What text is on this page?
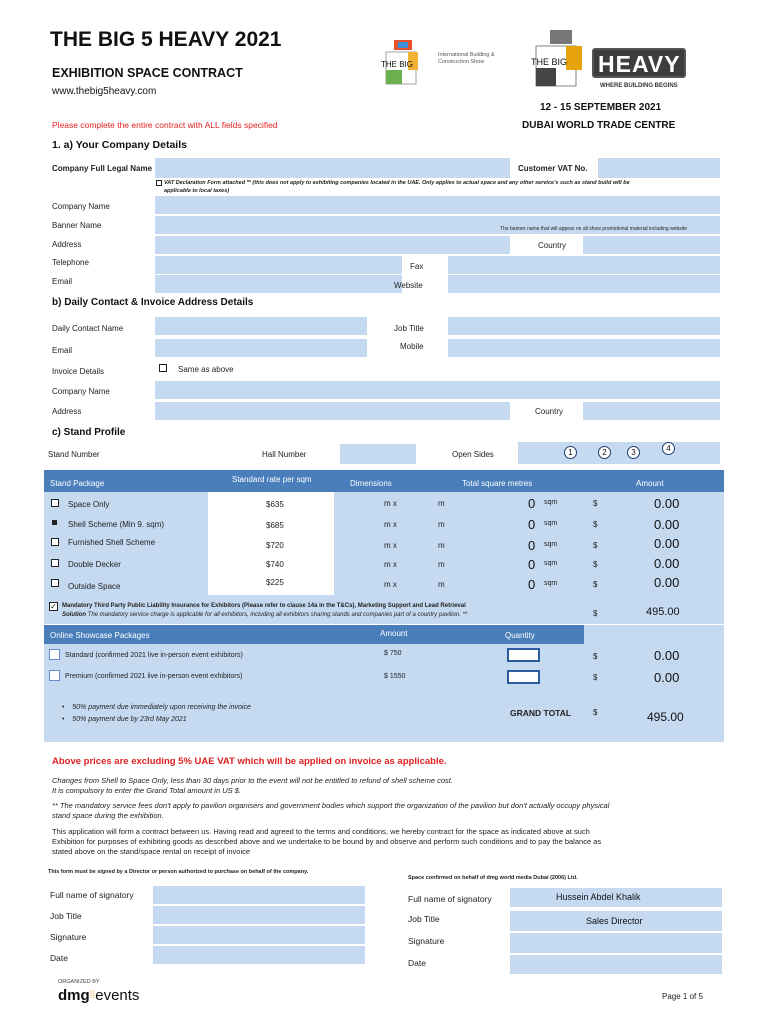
THE BIG 5 HEAVY 2021
EXHIBITION SPACE CONTRACT
www.thebig5heavy.com
THE BIG
International Building & Construction Show	THE BIG HEAVY
WHERE BUILDING BEGINS
12 - 15 SEPTEMBER 2021
Please complete the entire contract with ALL fields specified	DUBAI WORLD TRADE CENTRE
1. a) Your Company Details
Company Full Legal Name	Customer VAT No.
VAT Declaration Form attached ** (this does not apply to exhibiting companies located in the UAE. Only applies to actual space and any other service's such as stand build will be
applicable to local taxes)
Company Name
Banner Name	The banner name that will appear on all show promotional material including website
Address	Country
Telephone	Fax
Email	Website
b) Daily Contact & Invoice Address Details
Daily Contact Name	Job Title
Email	Mobile
Invoice Details	Same as above
Company Name
Address	Country
c) Stand Profile
Stand Number	Hall Number	Open Sides	1	2	3	4
Stand Package	Standard rate per sqm	Dimensions	Total square metres	Amount
Space Only	$635	m x	m	0 sqm	$	0.00
Shell Scheme (Min 9. sqm)	$685	m x	m	0 sqm	$	0.00
Furnished Shell Scheme	$720	m x	m	0 sqm	$	0.00
Double Decker	$740	m x	m	0 sqm	$	0.00
Outside Space	$225	m x	m	0 sqm	$	0.00
✓ Mandatory Third Party Public Liability Insurance for Exhibitors (Please refer to clause 14a in the T&Cs), Marketing Support and Lead Retrieval
Solution The mandatory service charge is applicable for all exhibitors, including all exhibitors sharing stands and companies part of a country pavilion. **	$	495.00
Online Showcase Packages	Amount	Quantity
Standard (confirmed 2021 live in-person event exhibitors)	$ 750	$	0.00
Premium (confirmed 2021 live in-person event exhibitors)	$ 1550	$	0.00
•    50% payment due immediately upon receiving the invoice
•    50% payment due by 23rd May 2021
GRAND TOTAL	$	495.00
Above prices are excluding 5% UAE VAT which will be applied on invoice as applicable.
Changes from Shell to Space Only, less than 30 days prior to the event will not be entitled to refund of shell scheme cost.
It is compulsory to enter the Grand Total amount in US $.
** The mandatory service fees don't apply to pavilion organisers and government bodies which support the organization of the pavilion but don't actually occupy physical
stand space during the exhibition.
This application will form a contract between us. Having read and agreed to the terms and conditions, we hereby contract for the space as indicated above at such
Exhibition for purposes of exhibiting goods as described above and we undertake to be bound by and observe and perform such conditions and to pay the balance as
stated above on the stand/space rental on receipt of invoice
This form must be signed by a Director or person authorized to purchase on behalf of the company.
Space confirmed on behalf of dmg world media Dubai (2006) Ltd.
Full name of signatory
Job Title
Signature
Date
Full name of signatory	Hussein Abdel Khalik
Job Title	Sales Director
Signature
Date
ORGANIZED BY
dmg⁞⁞events	Page 1 of 5
